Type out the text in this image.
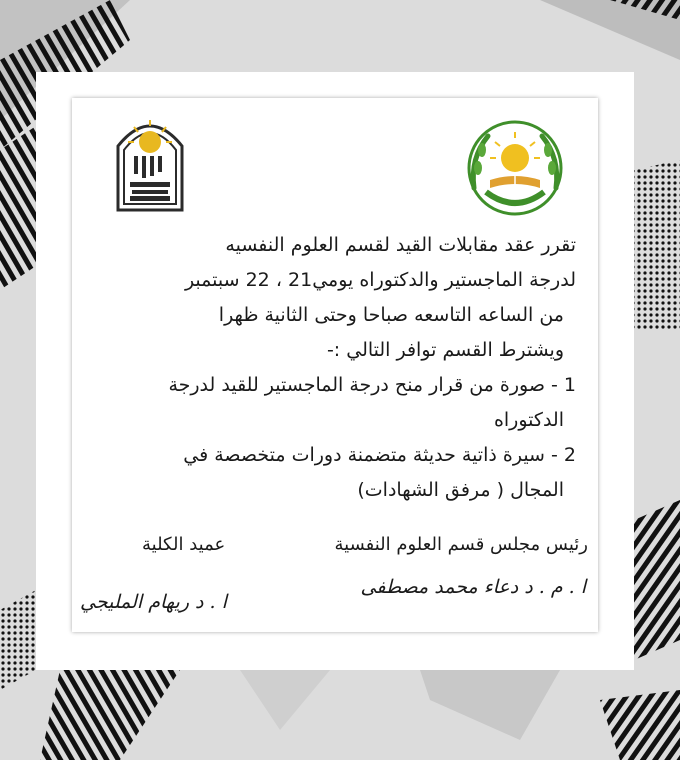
تقرر عقد مقابلات القيد لقسم العلوم النفسيه

لدرجة الماجستير والدكتوراه يومي21 ، 22 سبتمبر

من الساعه التاسعه صباحا وحتى الثانية ظهرا

ويشترط القسم توافر التالي :-

1 - صورة من قرار منح درجة الماجستير للقيد لدرجة

الدكتوراه

2 - سيرة ذاتية حديثة متضمنة دورات متخصصة في

المجال ( مرفق الشهادات)

رئيس مجلس قسم العلوم النفسية
عميد الكلية
ا . م . د دعاء محمد مصطفى
ا . د ريهام المليجي
